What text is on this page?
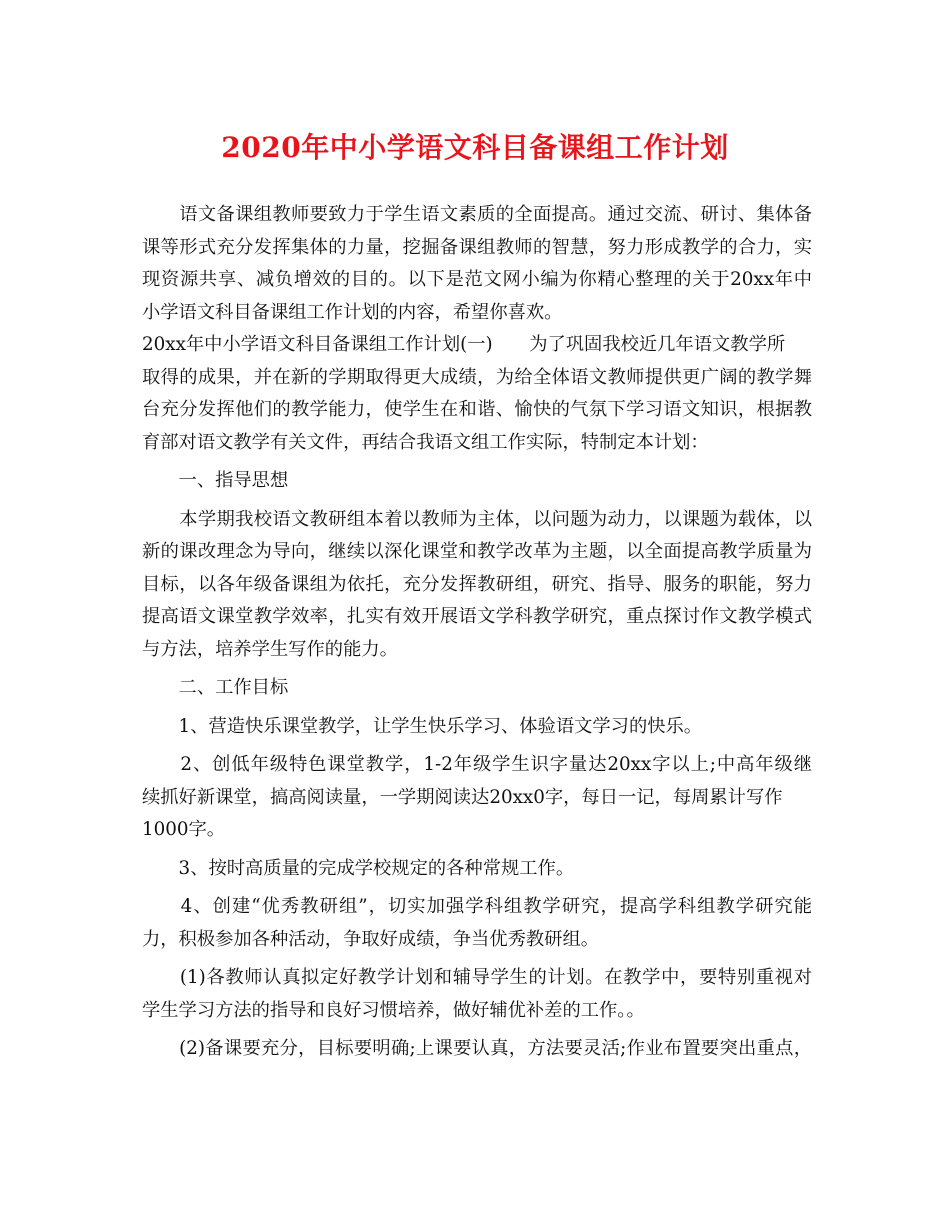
2020年中小学语文科目备课组工作计划
　　语文备课组教师要致力于学生语文素质的全面提高。通过交流、研讨、集体备
课等形式充分发挥集体的力量，挖掘备课组教师的智慧，努力形成教学的合力，实
现资源共享、减负增效的目的。以下是范文网小编为你精心整理的关于20xx年中
小学语文科目备课组工作计划的内容，希望你喜欢。
20xx年中小学语文科目备课组工作计划(一)　　为了巩固我校近几年语文教学所
取得的成果，并在新的学期取得更大成绩，为给全体语文教师提供更广阔的教学舞
台充分发挥他们的教学能力，使学生在和谐、愉快的气氛下学习语文知识，根据教
育部对语文教学有关文件，再结合我语文组工作实际，特制定本计划：
　　一、指导思想
　　本学期我校语文教研组本着以教师为主体，以问题为动力，以课题为载体，以
新的课改理念为导向，继续以深化课堂和教学改革为主题，以全面提高教学质量为
目标，以各年级备课组为依托，充分发挥教研组，研究、指导、服务的职能，努力
提高语文课堂教学效率，扎实有效开展语文学科教学研究，重点探讨作文教学模式
与方法，培养学生写作的能力。
　　二、工作目标
　　1、营造快乐课堂教学，让学生快乐学习、体验语文学习的快乐。
　　2、创低年级特色课堂教学，1-2年级学生识字量达20xx字以上;中高年级继
续抓好新课堂，搞高阅读量，一学期阅读达20xx0字，每日一记，每周累计写作
1000字。
　　3、按时高质量的完成学校规定的各种常规工作。
　　4、创建“优秀教研组”，切实加强学科组教学研究，提高学科组教学研究能
力，积极参加各种活动，争取好成绩，争当优秀教研组。
　　(1)各教师认真拟定好教学计划和辅导学生的计划。在教学中，要特别重视对
学生学习方法的指导和良好习惯培养，做好辅优补差的工作。。
　　(2)备课要充分，目标要明确;上课要认真，方法要灵活;作业布置要突出重点，
